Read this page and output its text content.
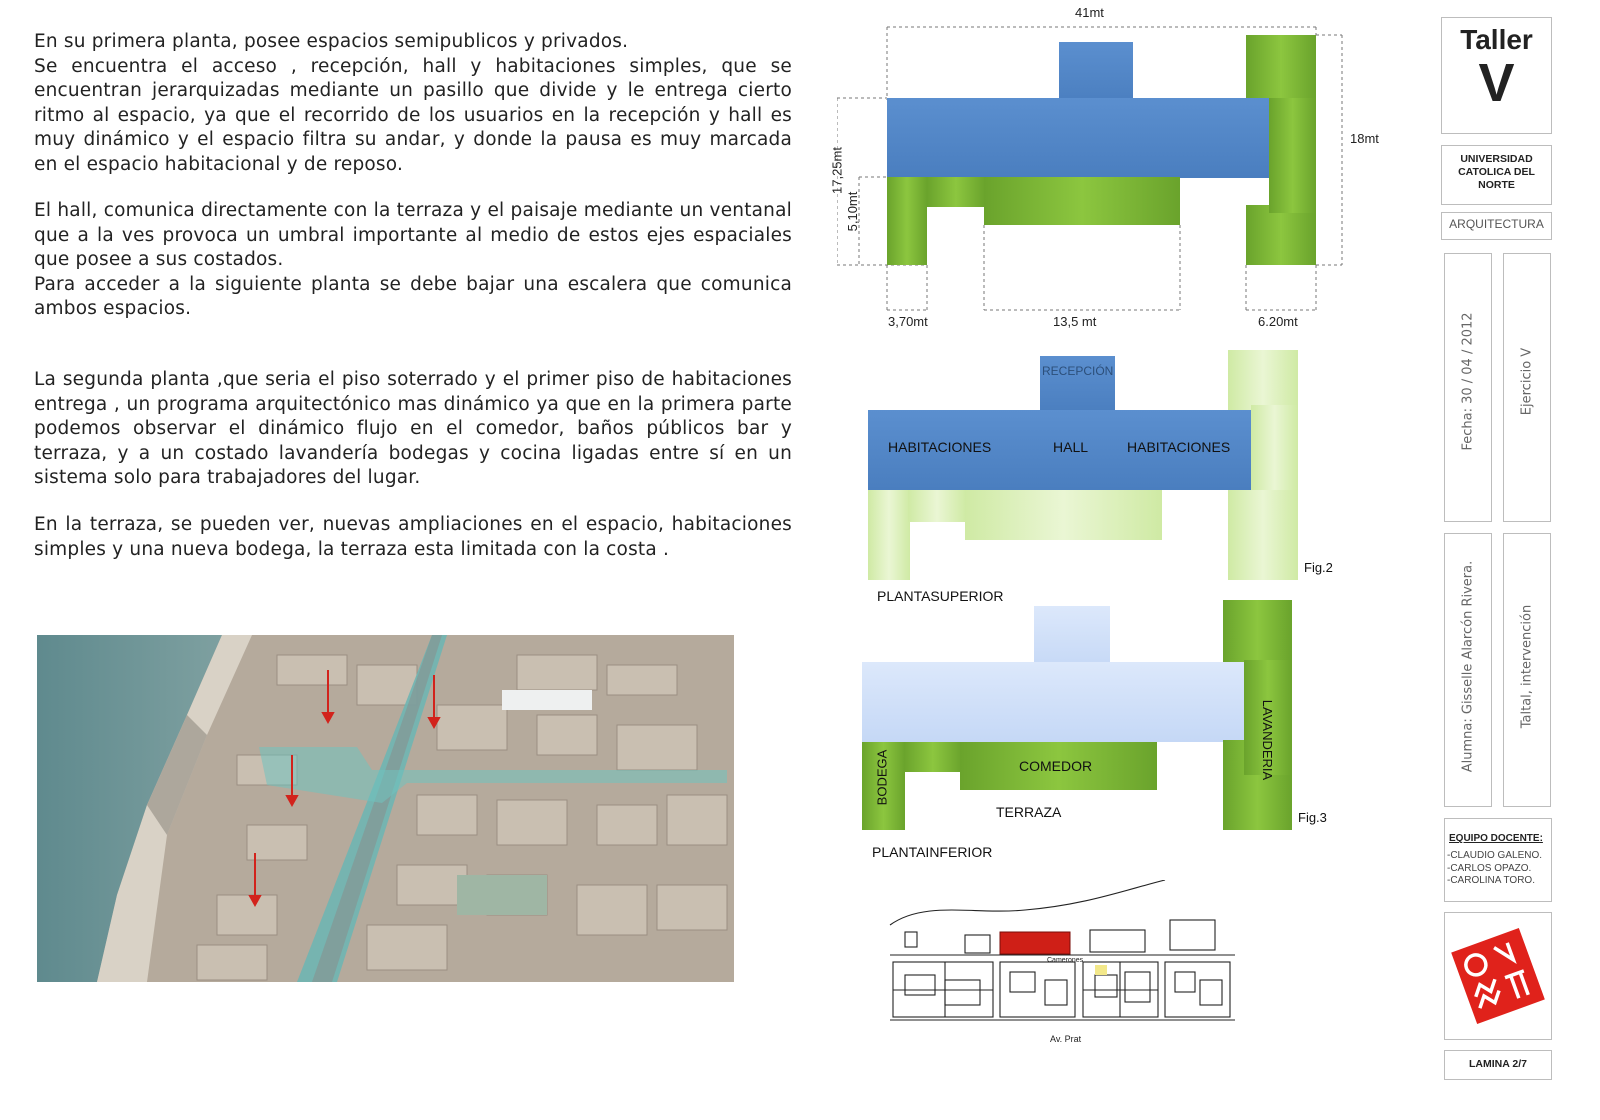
En su primera planta, posee espacios semipublicos y privados.
Se encuentra el acceso , recepción, hall y habitaciones simples, que se encuentran jerarquizadas mediante un pasillo que divide y le entrega cierto ritmo al espacio, ya que el recorrido de los usuarios en la recepción y hall es muy dinámico y el espacio filtra su andar, y donde la pausa es muy marcada en el espacio habitacional y de reposo.
El hall, comunica directamente con la terraza y el paisaje mediante un ventanal que a la ves provoca un umbral importante al medio de estos ejes espaciales que posee a sus costados.
Para acceder a la siguiente planta se debe bajar una escalera que comunica ambos espacios.
La segunda planta ,que seria el piso soterrado y el primer piso de habitaciones entrega , un programa arquitectónico mas dinámico ya que en la primera parte podemos observar el dinámico flujo en el comedor, baños públicos bar y terraza, y a un costado lavandería bodegas y cocina ligadas entre sí en un sistema solo para trabajadores del lugar.
En la terraza, se pueden ver, nuevas ampliaciones en el espacio, habitaciones simples y una nueva bodega, la terraza esta limitada con la costa .
41mt
18mt
17,25mt
5,10mt
3,70mt	13,5 mt	6.20mt
RECEPCIÓN
HABITACIONES	HALL	HABITACIONES
Fig.2
PLANTASUPERIOR
COMEDOR
BODEGA	LAVANDERIA
TERRAZA	Fig.3
PLANTAINFERIOR
Av. Prat
Camerones
Taller
V
UNIVERSIDAD CATOLICA DEL NORTE
ARQUITECTURA
Fecha: 30 / 04 / 2012	Ejercicio V
Alumna: Gisselle Alarcón Rivera.	Taltal, intervención
EQUIPO DOCENTE:
-CLAUDIO GALENO.
-CARLOS OPAZO.
-CAROLINA TORO.
LAMINA 2/7
